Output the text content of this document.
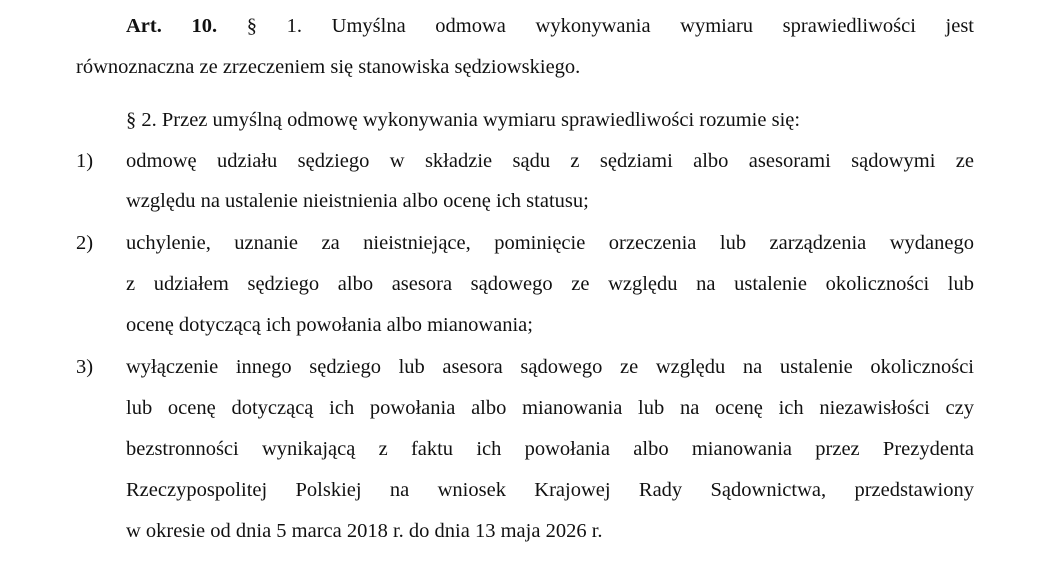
Art. 10. § 1. Umyślna odmowa wykonywania wymiaru sprawiedliwości jest
równoznaczna ze zrzeczeniem się stanowiska sędziowskiego.
§ 2. Przez umyślną odmowę wykonywania wymiaru sprawiedliwości rozumie się:
1)	odmowę udziału sędziego w składzie sądu z sędziami albo asesorami sądowymi ze
względu na ustalenie nieistnienia albo ocenę ich statusu;
2)	uchylenie, uznanie za nieistniejące, pominięcie orzeczenia lub zarządzenia wydanego
z udziałem sędziego albo asesora sądowego ze względu na ustalenie okoliczności lub
ocenę dotyczącą ich powołania albo mianowania;
3)	wyłączenie innego sędziego lub asesora sądowego ze względu na ustalenie okoliczności
lub ocenę dotyczącą ich powołania albo mianowania lub na ocenę ich niezawisłości czy
bezstronności wynikającą z faktu ich powołania albo mianowania przez Prezydenta
Rzeczypospolitej Polskiej na wniosek Krajowej Rady Sądownictwa, przedstawiony
w okresie od dnia 5 marca 2018 r. do dnia 13 maja 2026 r.
